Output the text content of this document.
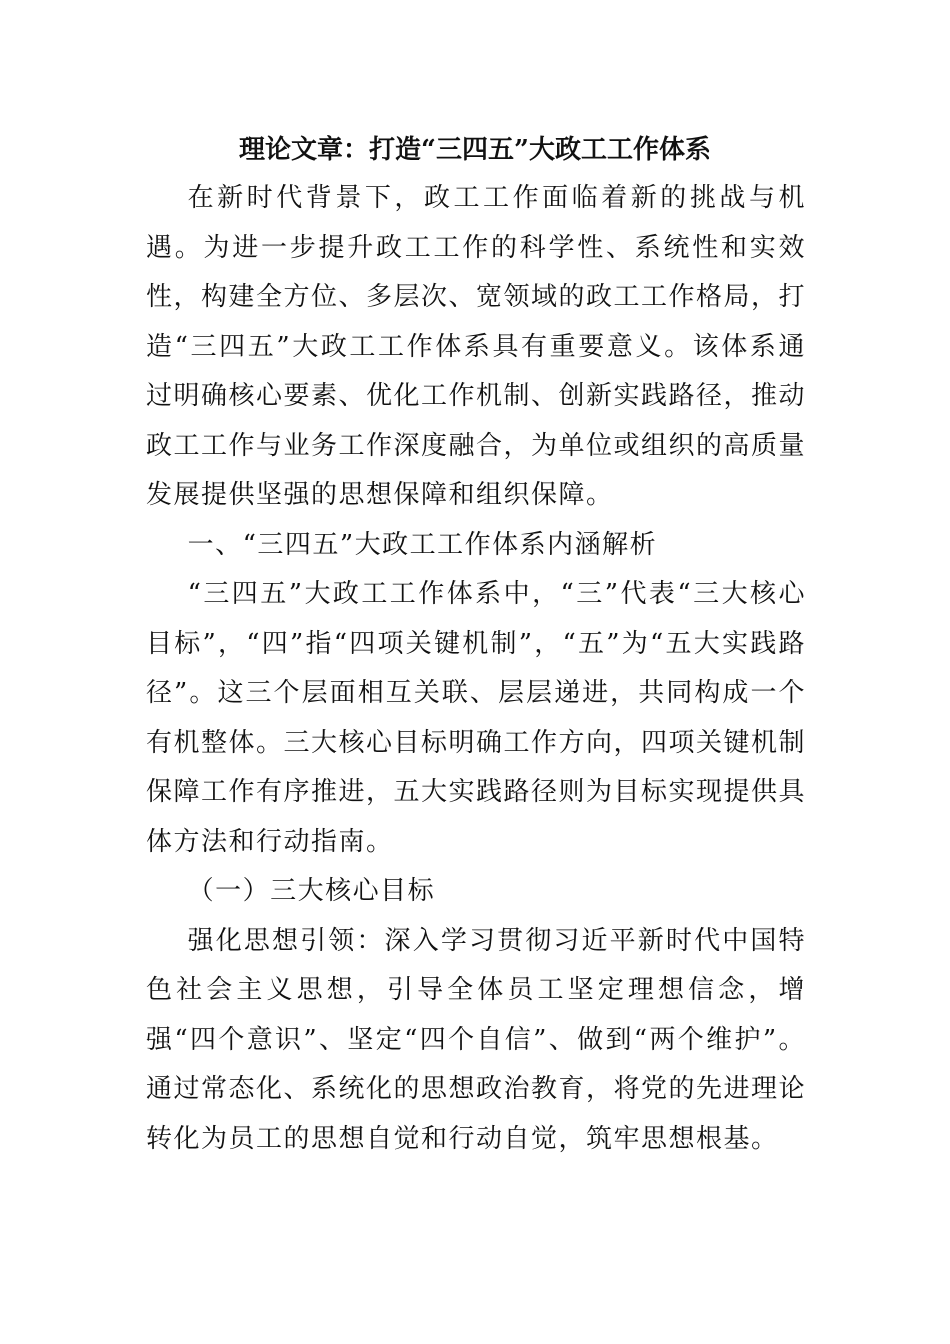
理论文章：打造“三四五”大政工工作体系

在新时代背景下，政工工作面临着新的挑战与机遇。为进一步提升政工工作的科学性、系统性和实效性，构建全方位、多层次、宽领域的政工工作格局，打造“三四五”大政工工作体系具有重要意义。该体系通过明确核心要素、优化工作机制、创新实践路径，推动政工工作与业务工作深度融合，为单位或组织的高质量发展提供坚强的思想保障和组织保障。

一、“三四五”大政工工作体系内涵解析

“三四五”大政工工作体系中，“三”代表“三大核心目标”，“四”指“四项关键机制”，“五”为“五大实践路径”。这三个层面相互关联、层层递进，共同构成一个有机整体。三大核心目标明确工作方向，四项关键机制保障工作有序推进，五大实践路径则为目标实现提供具体方法和行动指南。

（一）三大核心目标

强化思想引领：深入学习贯彻习近平新时代中国特色社会主义思想，引导全体员工坚定理想信念，增强“四个意识”、坚定“四个自信”、做到“两个维护”。通过常态化、系统化的思想政治教育，将党的先进理论转化为员工的思想自觉和行动自觉，筑牢思想根基。
